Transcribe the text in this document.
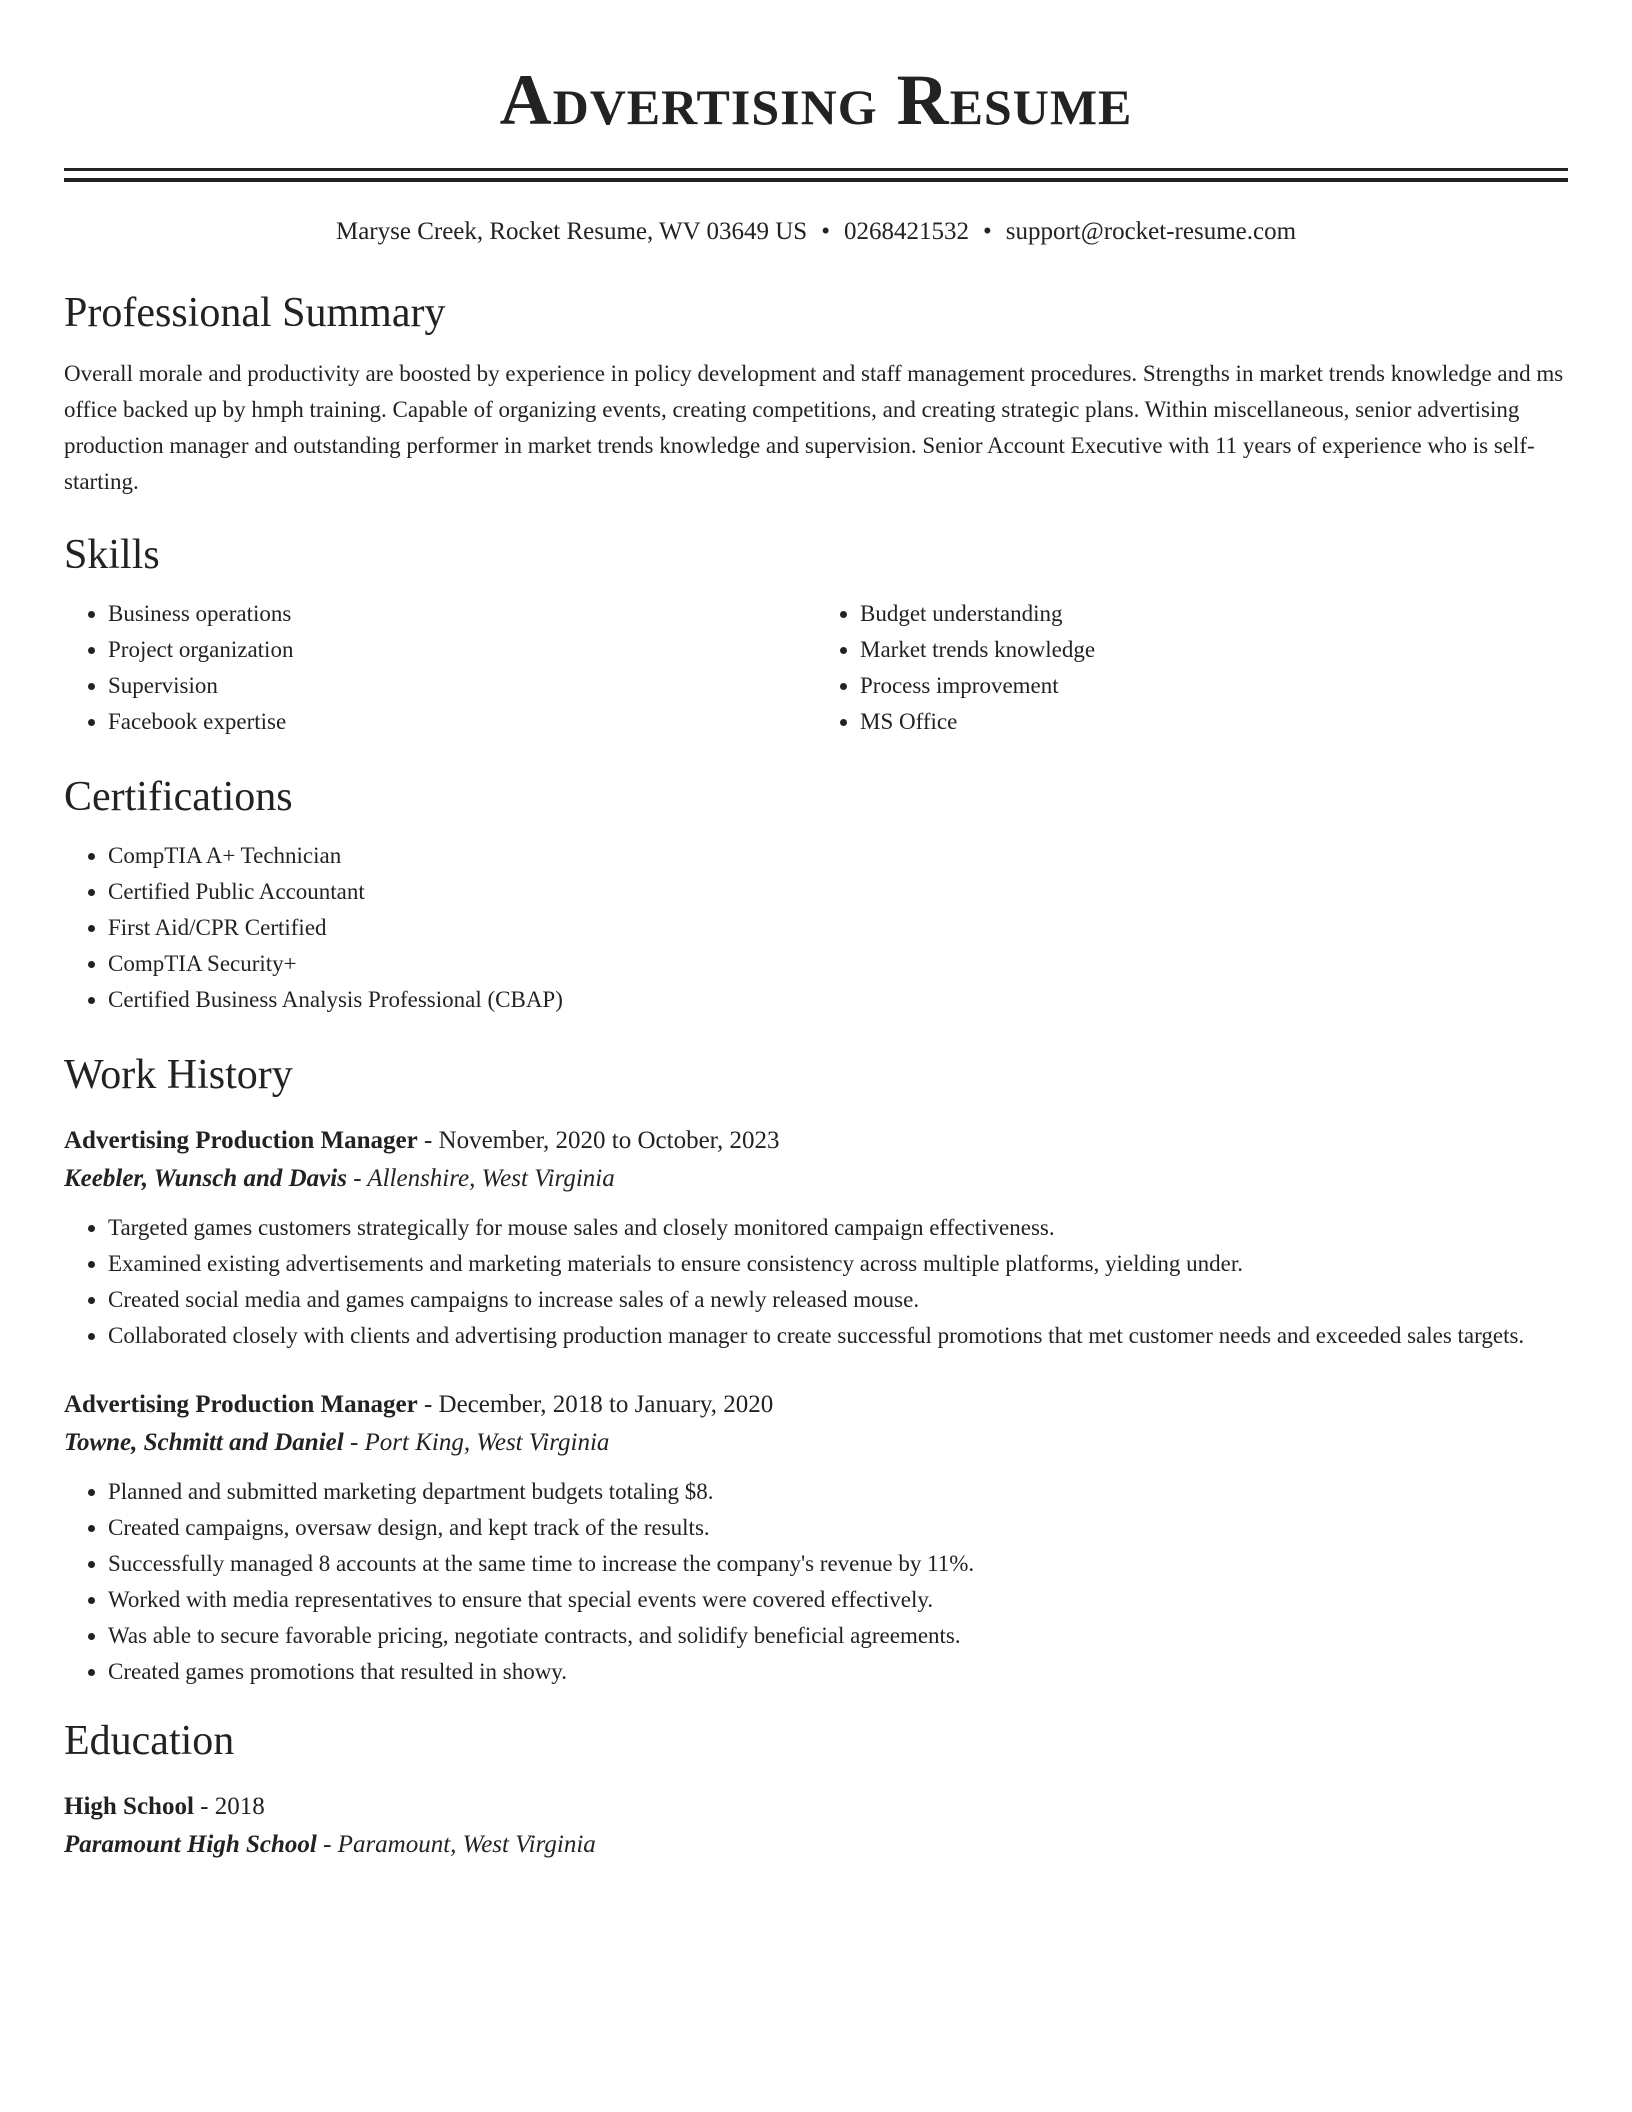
Advertising Resume
Maryse Creek, Rocket Resume, WV 03649 US • 0268421532 • support@rocket-resume.com
Professional Summary

Overall morale and productivity are boosted by experience in policy development and staff management procedures. Strengths in market trends knowledge and ms office backed up by hmph training. Capable of organizing events, creating competitions, and creating strategic plans. Within miscellaneous, senior advertising production manager and outstanding performer in market trends knowledge and supervision. Senior Account Executive with 11 years of experience who is self-starting.

Skills
• Business operations
• Project organization
• Supervision
• Facebook expertise
• Budget understanding
• Market trends knowledge
• Process improvement
• MS Office
Certifications
• CompTIA A+ Technician
• Certified Public Accountant
• First Aid/CPR Certified
• CompTIA Security+
• Certified Business Analysis Professional (CBAP)
Work History
Advertising Production Manager - November, 2020 to October, 2023
Keebler, Wunsch and Davis - Allenshire, West Virginia
• Targeted games customers strategically for mouse sales and closely monitored campaign effectiveness.
• Examined existing advertisements and marketing materials to ensure consistency across multiple platforms, yielding under.
• Created social media and games campaigns to increase sales of a newly released mouse.
• Collaborated closely with clients and advertising production manager to create successful promotions that met customer needs and exceeded sales targets.
Advertising Production Manager - December, 2018 to January, 2020
Towne, Schmitt and Daniel - Port King, West Virginia
• Planned and submitted marketing department budgets totaling $8.
• Created campaigns, oversaw design, and kept track of the results.
• Successfully managed 8 accounts at the same time to increase the company's revenue by 11%.
• Worked with media representatives to ensure that special events were covered effectively.
• Was able to secure favorable pricing, negotiate contracts, and solidify beneficial agreements.
• Created games promotions that resulted in showy.
Education
High School - 2018
Paramount High School - Paramount, West Virginia
